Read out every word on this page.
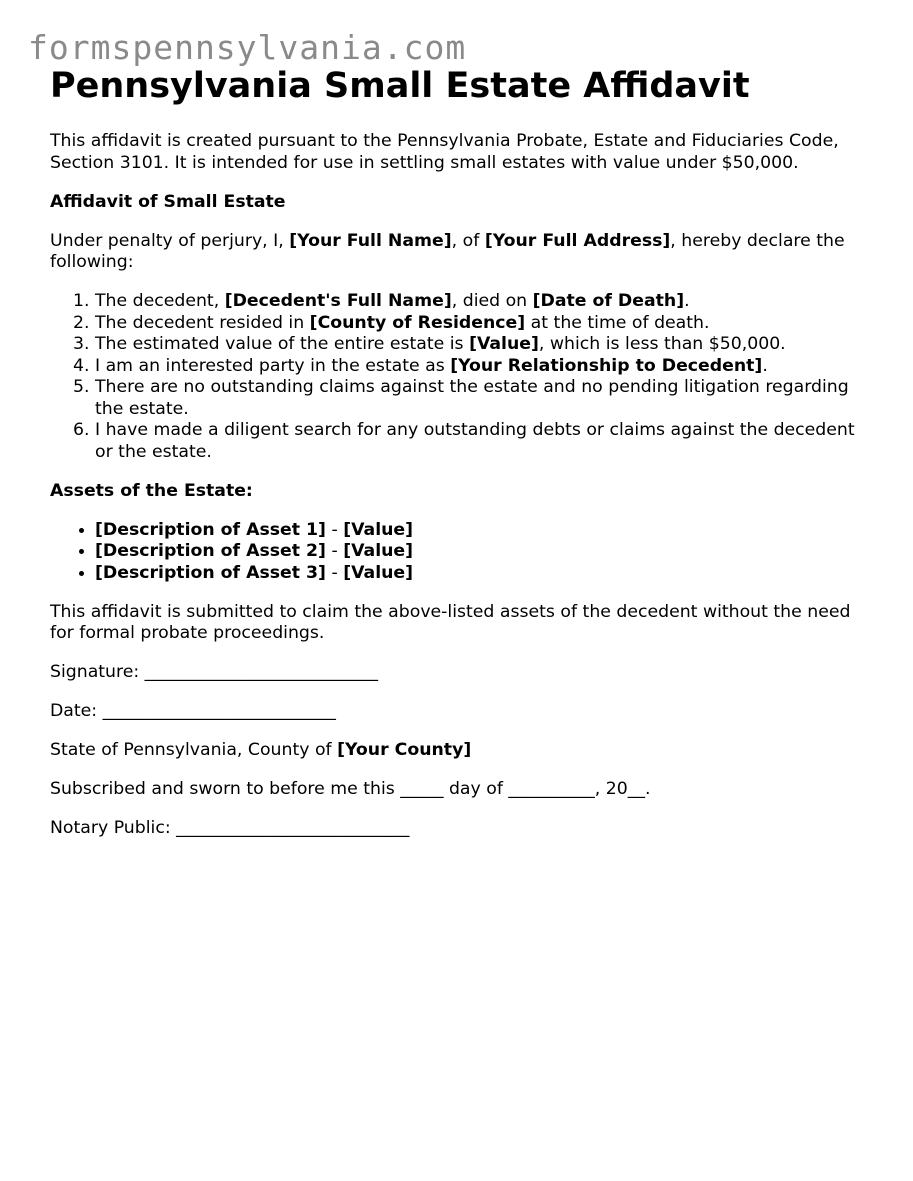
formspennsylvania.com
Pennsylvania Small Estate Affidavit

This affidavit is created pursuant to the Pennsylvania Probate, Estate and Fiduciaries Code, Section 3101. It is intended for use in settling small estates with value under $50,000.

Affidavit of Small Estate

Under penalty of perjury, I, [Your Full Name], of [Your Full Address], hereby declare the following:

1. The decedent, [Decedent's Full Name], died on [Date of Death].
2. The decedent resided in [County of Residence] at the time of death.
3. The estimated value of the entire estate is [Value], which is less than $50,000.
4. I am an interested party in the estate as [Your Relationship to Decedent].
5. There are no outstanding claims against the estate and no pending litigation regarding the estate.
6. I have made a diligent search for any outstanding debts or claims against the decedent or the estate.

Assets of the Estate:

• [Description of Asset 1] - [Value]
• [Description of Asset 2] - [Value]
• [Description of Asset 3] - [Value]

This affidavit is submitted to claim the above-listed assets of the decedent without the need for formal probate proceedings.

Signature: ___________________________

Date: ___________________________

State of Pennsylvania, County of [Your County]

Subscribed and sworn to before me this _____ day of __________, 20__.

Notary Public: ___________________________
